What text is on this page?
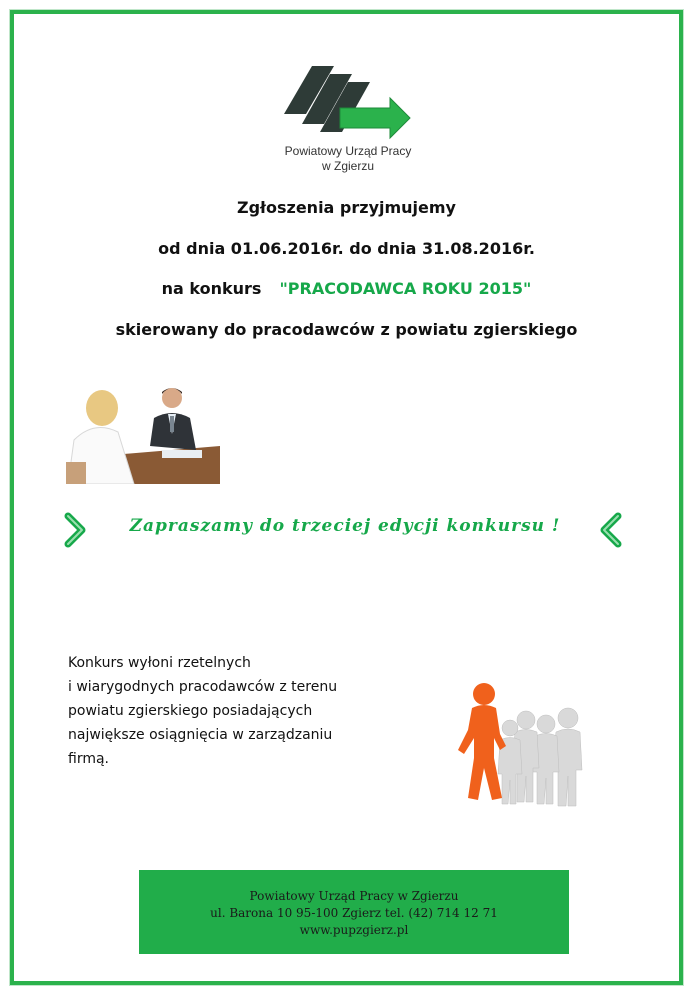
Powiatowy Urząd Pracy
w Zgierzu
Zgłoszenia przyjmujemy
od dnia 01.06.2016r. do dnia 31.08.2016r.
na konkurs "PRACODAWCA ROKU 2015"
skierowany do pracodawców z powiatu zgierskiego
Zapraszamy do trzeciej edycji konkursu !
Konkurs wyłoni rzetelnych
i wiarygodnych pracodawców z terenu
powiatu zgierskiego posiadających
największe osiągnięcia w zarządzaniu
firmą.
Powiatowy Urząd Pracy w Zgierzu
ul. Barona 10 95-100 Zgierz tel. (42) 714 12 71
www.pupzgierz.pl
